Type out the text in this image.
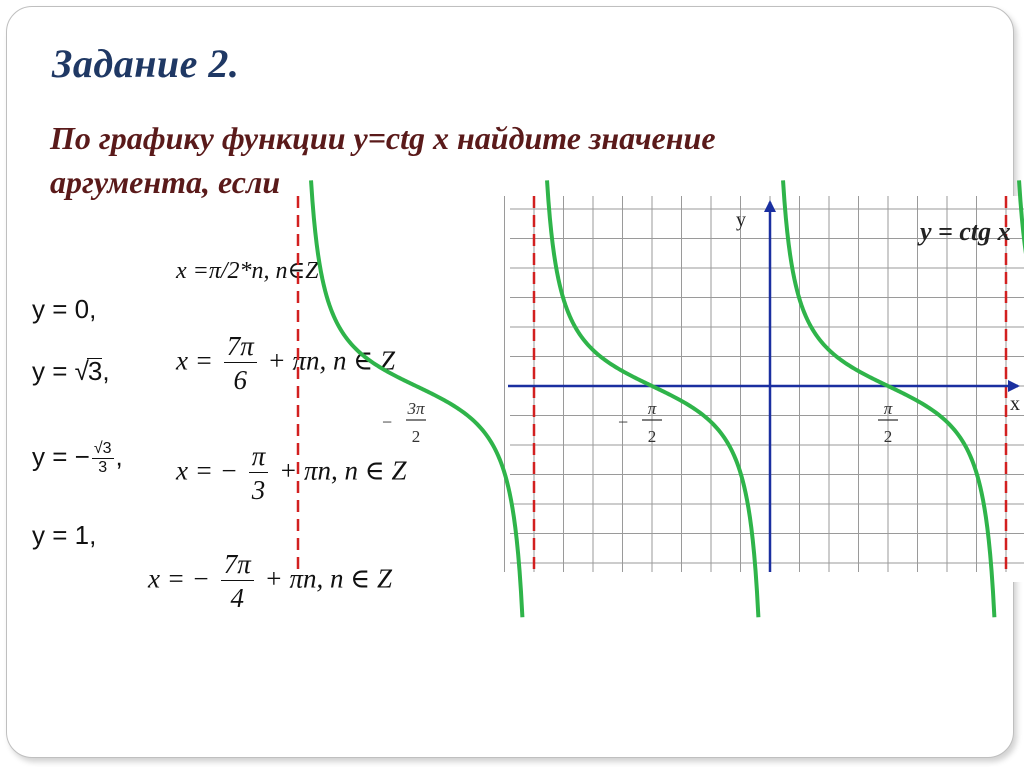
Задание 2.
По графику функции y=ctg x найдите значение
аргумента, если
x =π/2*n, n∈Z
y = 0,
y = √3,
y = − $\frac{√3}{3}$ ,
y = 1,
$x = \frac{7\pi}{6} + \pi n$, n ∈ Z
x = − $\frac{\pi}{3} + \pi n$, n ∈ Z
x = − $\frac{7\pi}{4} + \pi n$, n ∈ Z
−
3π
2
−
π
2
π
2
y = ctg x
y
x
